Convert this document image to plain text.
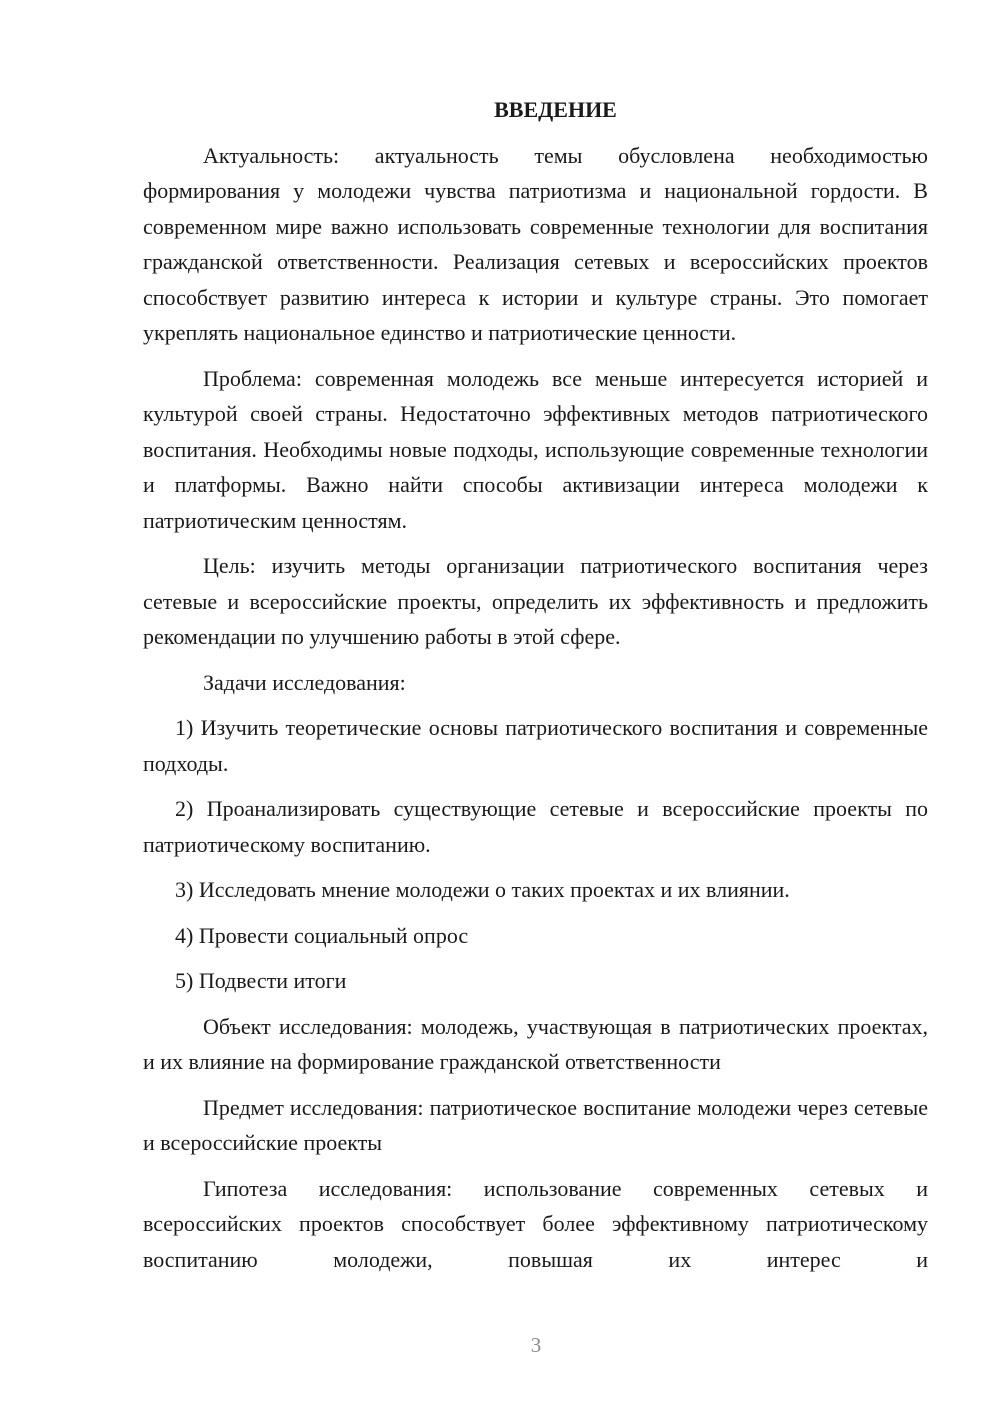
ВВЕДЕНИЕ

Актуальность: актуальность темы обусловлена необходимостью формирования у молодежи чувства патриотизма и национальной гордости. В современном мире важно использовать современные технологии для воспитания гражданской ответственности. Реализация сетевых и всероссийских проектов способствует развитию интереса к истории и культуре страны. Это помогает укреплять национальное единство и патриотические ценности.

Проблема: современная молодежь все меньше интересуется историей и культурой своей страны. Недостаточно эффективных методов патриотического воспитания. Необходимы новые подходы, использующие современные технологии и платформы. Важно найти способы активизации интереса молодежи к патриотическим ценностям.

Цель: изучить методы организации патриотического воспитания через сетевые и всероссийские проекты, определить их эффективность и предложить рекомендации по улучшению работы в этой сфере.

Задачи исследования:

1) Изучить теоретические основы патриотического воспитания и современные подходы.

2) Проанализировать существующие сетевые и всероссийские проекты по патриотическому воспитанию.

3) Исследовать мнение молодежи о таких проектах и их влиянии.

4) Провести социальный опрос

5) Подвести итоги

Объект исследования: молодежь, участвующая в патриотических проектах, и их влияние на формирование гражданской ответственности

Предмет исследования: патриотическое воспитание молодежи через сетевые и всероссийские проекты

Гипотеза исследования: использование современных сетевых и всероссийских проектов способствует более эффективному патриотическому воспитанию молодежи, повышая их интерес и

3
